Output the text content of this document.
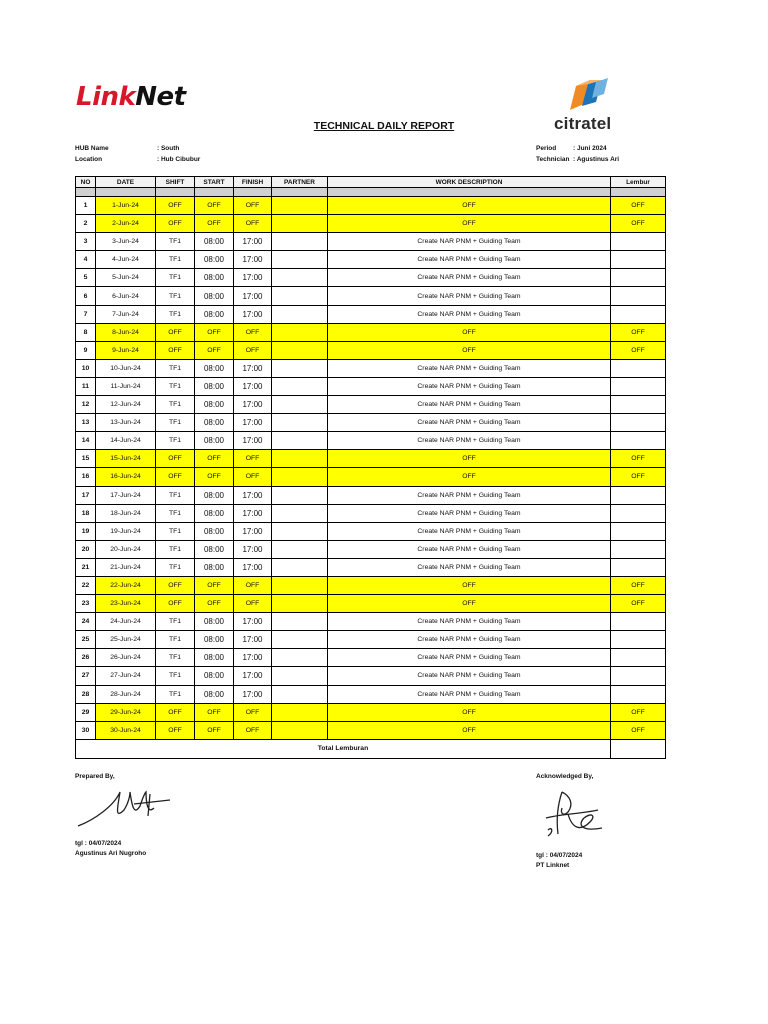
LinkNet
citratel
TECHNICAL DAILY REPORT
HUB Name	: South
Location	: Hub Cibubur
Period	: Juni 2024
Technician : Agustinus Ari
NO	DATE	SHIFT	START	FINISH	PARTNER	WORK DESCRIPTION	Lembur

1	1-Jun-24	OFF	OFF	OFF		OFF	OFF
2	2-Jun-24	OFF	OFF	OFF		OFF	OFF
3	3-Jun-24	TF1	08:00	17:00		Create NAR PNM + Guiding Team	
4	4-Jun-24	TF1	08:00	17:00		Create NAR PNM + Guiding Team	
5	5-Jun-24	TF1	08:00	17:00		Create NAR PNM + Guiding Team	
6	6-Jun-24	TF1	08:00	17:00		Create NAR PNM + Guiding Team	
7	7-Jun-24	TF1	08:00	17:00		Create NAR PNM + Guiding Team	
8	8-Jun-24	OFF	OFF	OFF		OFF	OFF
9	9-Jun-24	OFF	OFF	OFF		OFF	OFF
10	10-Jun-24	TF1	08:00	17:00		Create NAR PNM + Guiding Team	
11	11-Jun-24	TF1	08:00	17:00		Create NAR PNM + Guiding Team	
12	12-Jun-24	TF1	08:00	17:00		Create NAR PNM + Guiding Team	
13	13-Jun-24	TF1	08:00	17:00		Create NAR PNM + Guiding Team	
14	14-Jun-24	TF1	08:00	17:00		Create NAR PNM + Guiding Team	
15	15-Jun-24	OFF	OFF	OFF		OFF	OFF
16	16-Jun-24	OFF	OFF	OFF		OFF	OFF
17	17-Jun-24	TF1	08:00	17:00		Create NAR PNM + Guiding Team	
18	18-Jun-24	TF1	08:00	17:00		Create NAR PNM + Guiding Team	
19	19-Jun-24	TF1	08:00	17:00		Create NAR PNM + Guiding Team	
20	20-Jun-24	TF1	08:00	17:00		Create NAR PNM + Guiding Team	
21	21-Jun-24	TF1	08:00	17:00		Create NAR PNM + Guiding Team	
22	22-Jun-24	OFF	OFF	OFF		OFF	OFF
23	23-Jun-24	OFF	OFF	OFF		OFF	OFF
24	24-Jun-24	TF1	08:00	17:00		Create NAR PNM + Guiding Team	
25	25-Jun-24	TF1	08:00	17:00		Create NAR PNM + Guiding Team	
26	26-Jun-24	TF1	08:00	17:00		Create NAR PNM + Guiding Team	
27	27-Jun-24	TF1	08:00	17:00		Create NAR PNM + Guiding Team	
28	28-Jun-24	TF1	08:00	17:00		Create NAR PNM + Guiding Team	
29	29-Jun-24	OFF	OFF	OFF		OFF	OFF
30	30-Jun-24	OFF	OFF	OFF		OFF	OFF
Total Lemburan							
Prepared By,
tgl : 04/07/2024
Agustinus Ari Nugroho
Acknowledged By,
tgl : 04/07/2024
PT Linknet
